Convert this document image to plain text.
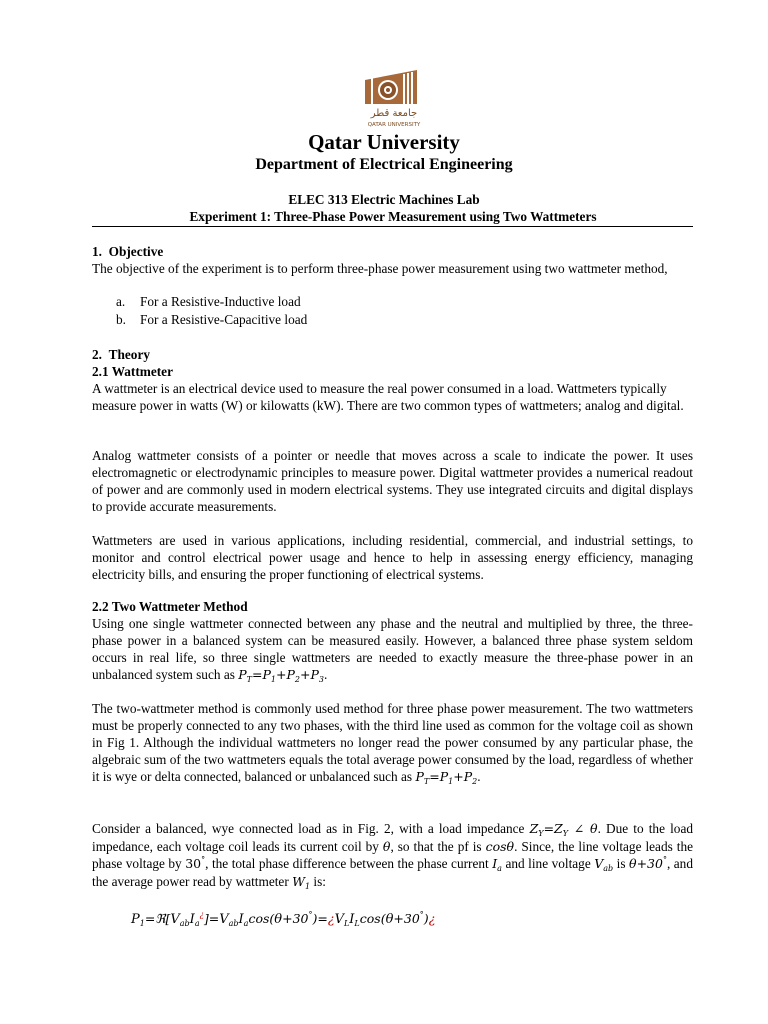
جامعة قطر
QATAR UNIVERSITY
Qatar University
Department of Electrical Engineering
ELEC 313 Electric Machines Lab
Experiment 1: Three-Phase Power Measurement using Two Wattmeters
1. Objective
The objective of the experiment is to perform three-phase power measurement using two wattmeter method,
a. For a Resistive-Inductive load
b. For a Resistive-Capacitive load
2. Theory
2.1 Wattmeter
A wattmeter is an electrical device used to measure the real power consumed in a load. Wattmeters typically measure power in watts (W) or kilowatts (kW). There are two common types of wattmeters; analog and digital.
Analog wattmeter consists of a pointer or needle that moves across a scale to indicate the power. It uses electromagnetic or electrodynamic principles to measure power. Digital wattmeter provides a numerical readout of power and are commonly used in modern electrical systems. They use integrated circuits and digital displays to provide accurate measurements.
Wattmeters are used in various applications, including residential, commercial, and industrial settings, to monitor and control electrical power usage and hence to help in assessing energy efficiency, managing electricity bills, and ensuring the proper functioning of electrical systems.
2.2 Two Wattmeter Method
Using one single wattmeter connected between any phase and the neutral and multiplied by three, the three-phase power in a balanced system can be measured easily. However, a balanced three phase system seldom occurs in real life, so three single wattmeters are needed to exactly measure the three-phase power in an unbalanced system such as $P_T=P_1+P_2+P_3$.
The two-wattmeter method is commonly used method for three phase power measurement. The two wattmeters must be properly connected to any two phases, with the third line used as common for the voltage coil as shown in Fig 1. Although the individual wattmeters no longer read the power consumed by any particular phase, the algebraic sum of the two wattmeters equals the total average power consumed by the load, regardless of whether it is wye or delta connected, balanced or unbalanced such as $P_T=P_1+P_2$.
Consider a balanced, wye connected load as in Fig. 2, with a load impedance $Z_Y=Z_Y$ ∠ θ. Due to the load impedance, each voltage coil leads its current coil by θ, so that the pf is cosθ. Since, the line voltage leads the phase voltage by 30°, the total phase difference between the phase current $I_a$ and line voltage $V_{ab}$ is θ+30°, and the average power read by wattmeter $W_1$ is:
$P_1=ℜ[V_{ab}I_a^¿]=V_{ab}I_a\cos(\theta+30^\circ)=¿V_LI_L\cos(\theta+30^\circ)¿$
